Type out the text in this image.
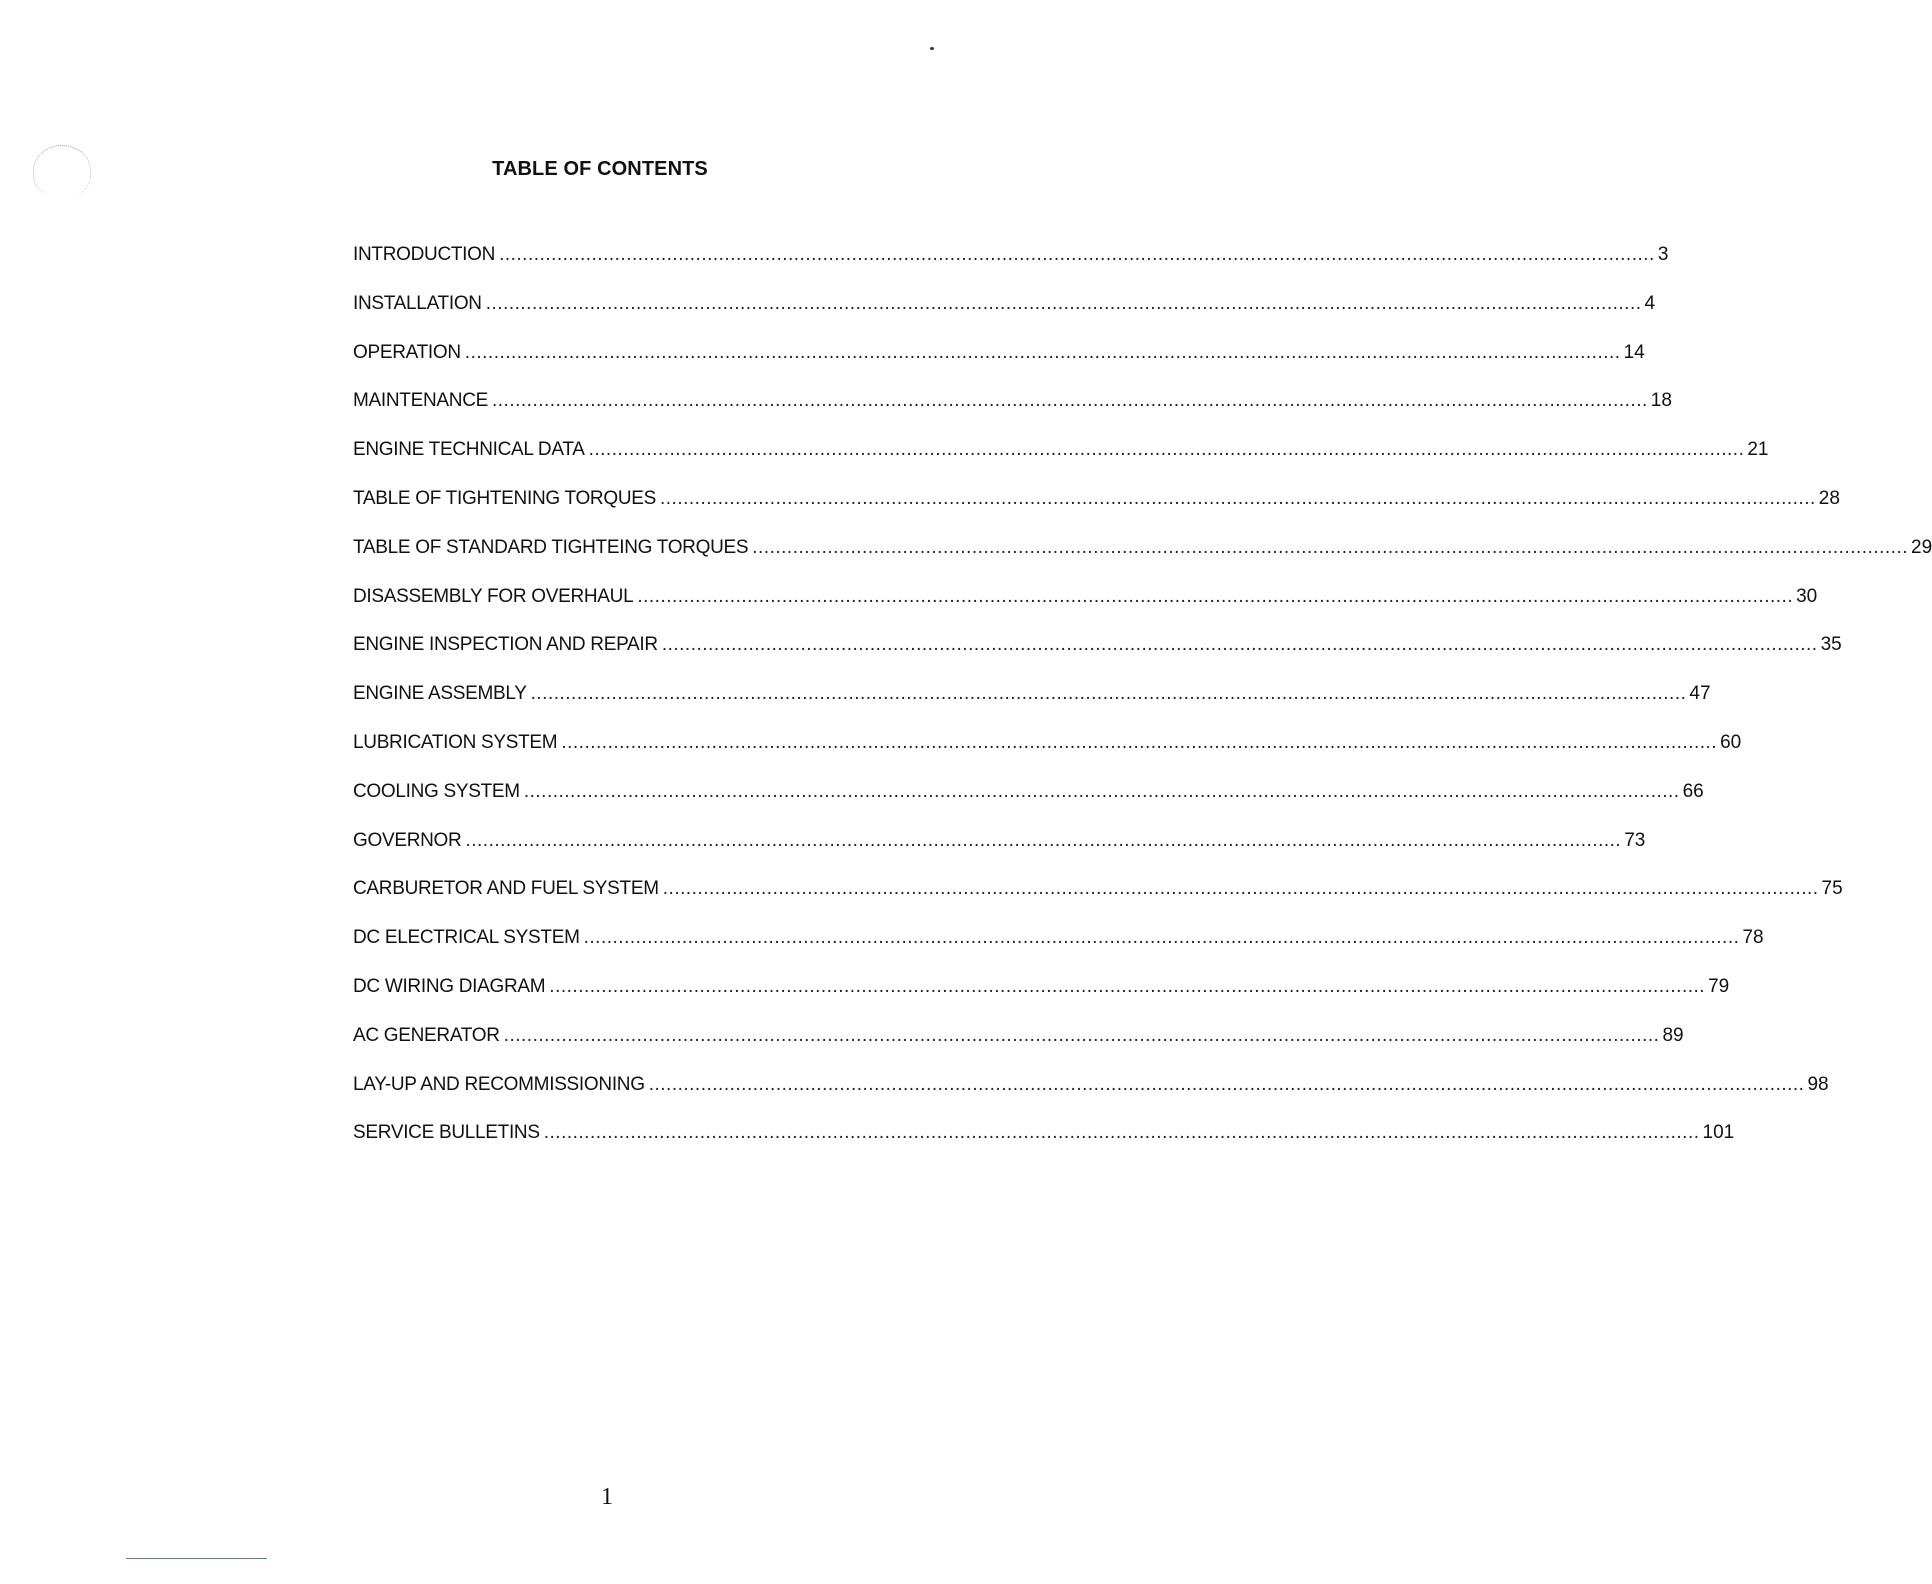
TABLE OF CONTENTS
INTRODUCTION ........................................................................................................................................................................................................ 3
INSTALLATION ........................................................................................................................................................................................................ 4
OPERATION ........................................................................................................................................................................................................ 14
MAINTENANCE ........................................................................................................................................................................................................ 18
ENGINE TECHNICAL DATA ........................................................................................................................................................................................................ 21
TABLE OF TIGHTENING TORQUES ........................................................................................................................................................................................................ 28
TABLE OF STANDARD TIGHTEING TORQUES ........................................................................................................................................................................................................ 29
DISASSEMBLY FOR OVERHAUL ........................................................................................................................................................................................................ 30
ENGINE INSPECTION AND REPAIR ........................................................................................................................................................................................................ 35
ENGINE ASSEMBLY ........................................................................................................................................................................................................ 47
LUBRICATION SYSTEM ........................................................................................................................................................................................................ 60
COOLING SYSTEM ........................................................................................................................................................................................................ 66
GOVERNOR ........................................................................................................................................................................................................ 73
CARBURETOR AND FUEL SYSTEM ........................................................................................................................................................................................................ 75
DC ELECTRICAL SYSTEM ........................................................................................................................................................................................................ 78
DC WIRING DIAGRAM ........................................................................................................................................................................................................ 79
AC GENERATOR ........................................................................................................................................................................................................ 89
LAY-UP AND RECOMMISSIONING ........................................................................................................................................................................................................ 98
SERVICE BULLETINS ........................................................................................................................................................................................................ 101
1
